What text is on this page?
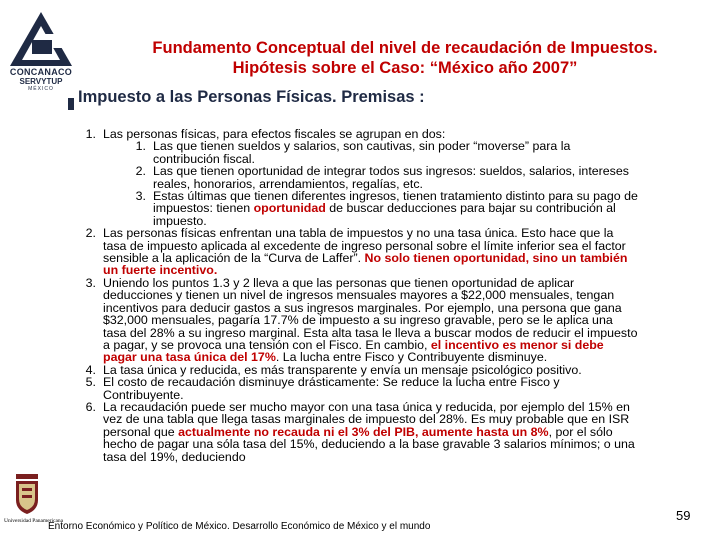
CONCANACO
SERVYTUP
MÉXICO
Fundamento Conceptual del nivel de recaudación de Impuestos.
Hipótesis sobre el Caso: “México año 2007”
Impuesto a las Personas Físicas. Premisas :
1. Las personas físicas, para efectos fiscales se agrupan en dos:
1. Las que tienen sueldos y salarios, son cautivas, sin poder “moverse” para la contribución fiscal.
2. Las que tienen oportunidad de integrar todos sus ingresos: sueldos, salarios, intereses reales, honorarios, arrendamientos, regalías, etc.
3. Estas últimas que tienen diferentes ingresos, tienen tratamiento distinto para su pago de impuestos: tienen oportunidad de buscar deducciones para bajar su contribución al impuesto.
2. Las personas físicas enfrentan una tabla de impuestos y no una tasa única. Esto hace que la tasa de impuesto aplicada al excedente de ingreso personal sobre el límite inferior sea el factor sensible a la aplicación de la “Curva de Laffer”. No solo tienen oportunidad, sino un también un fuerte incentivo.
3. Uniendo los puntos 1.3 y 2 lleva a que las personas que tienen oportunidad de aplicar deducciones y tienen un nivel de ingresos mensuales mayores a $22,000 mensuales, tengan incentivos para deducir gastos a sus ingresos marginales. Por ejemplo, una persona que gana $32,000 mensuales, pagaría 17.7% de impuesto a su ingreso gravable, pero se le aplica una tasa del 28% a su ingreso marginal. Esta alta tasa le lleva a buscar modos de reducir el impuesto a pagar, y se provoca una tensión con el Fisco. En cambio, el incentivo es menor si debe pagar una tasa única del 17%. La lucha entre Fisco y Contribuyente disminuye.
4. La tasa única y reducida, es más transparente y envía un mensaje psicológico positivo.
5. El costo de recaudación disminuye drásticamente: Se reduce la lucha entre Fisco y Contribuyente.
6. La recaudación puede ser mucho mayor con una tasa única y reducida, por ejemplo del 15% en vez de una tabla que llega tasas marginales de impuesto del 28%. Es muy probable que en ISR personal que actualmente no recauda ni el 3% del PIB, aumente hasta un 8%, por el sólo hecho de pagar una sóla tasa del 15%, deduciendo a la base gravable 3 salarios mínimos; o una tasa del 19%, deduciendo
Universidad Panamericana
Entorno Económico y Político de México. Desarrollo Económico de México y el mundo
59
